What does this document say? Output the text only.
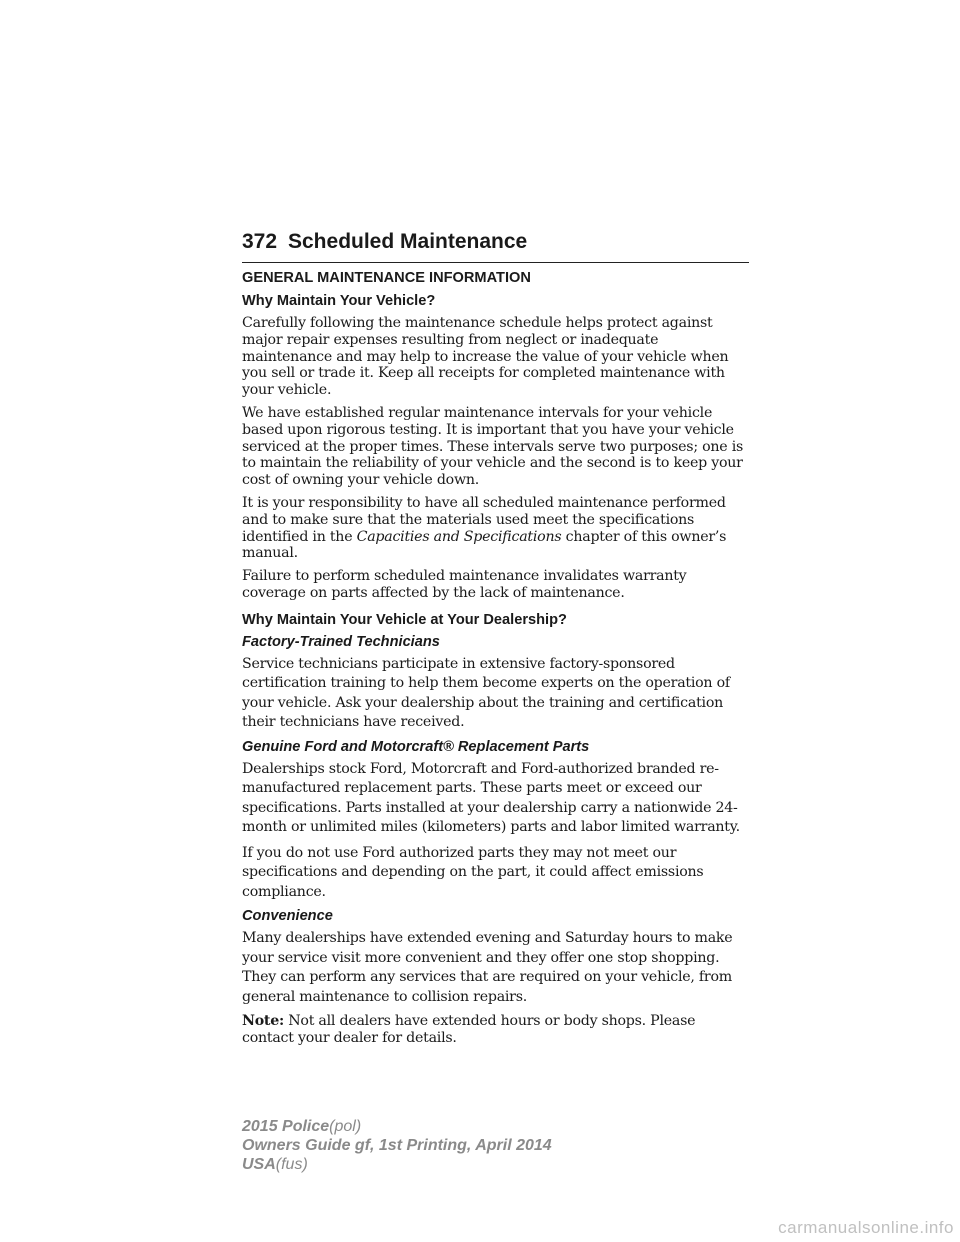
372 Scheduled Maintenance
GENERAL MAINTENANCE INFORMATION
Why Maintain Your Vehicle?

Carefully following the maintenance schedule helps protect against major repair expenses resulting from neglect or inadequate maintenance and may help to increase the value of your vehicle when you sell or trade it. Keep all receipts for completed maintenance with your vehicle.

We have established regular maintenance intervals for your vehicle based upon rigorous testing. It is important that you have your vehicle serviced at the proper times. These intervals serve two purposes; one is to maintain the reliability of your vehicle and the second is to keep your cost of owning your vehicle down.

It is your responsibility to have all scheduled maintenance performed and to make sure that the materials used meet the specifications identified in the Capacities and Specifications chapter of this owner’s manual.

Failure to perform scheduled maintenance invalidates warranty coverage on parts affected by the lack of maintenance.

Why Maintain Your Vehicle at Your Dealership?
Factory-Trained Technicians

Service technicians participate in extensive factory-sponsored certification training to help them become experts on the operation of your vehicle. Ask your dealership about the training and certification their technicians have received.

Genuine Ford and Motorcraft® Replacement Parts

Dealerships stock Ford, Motorcraft and Ford-authorized branded re-manufactured replacement parts. These parts meet or exceed our specifications. Parts installed at your dealership carry a nationwide 24-month or unlimited miles (kilometers) parts and labor limited warranty.

If you do not use Ford authorized parts they may not meet our specifications and depending on the part, it could affect emissions compliance.

Convenience

Many dealerships have extended evening and Saturday hours to make your service visit more convenient and they offer one stop shopping. They can perform any services that are required on your vehicle, from general maintenance to collision repairs.

Note: Not all dealers have extended hours or body shops. Please contact your dealer for details.

2015 Police(pol)
Owners Guide gf, 1st Printing, April 2014
USA(fus)
carmanualsonline.info
